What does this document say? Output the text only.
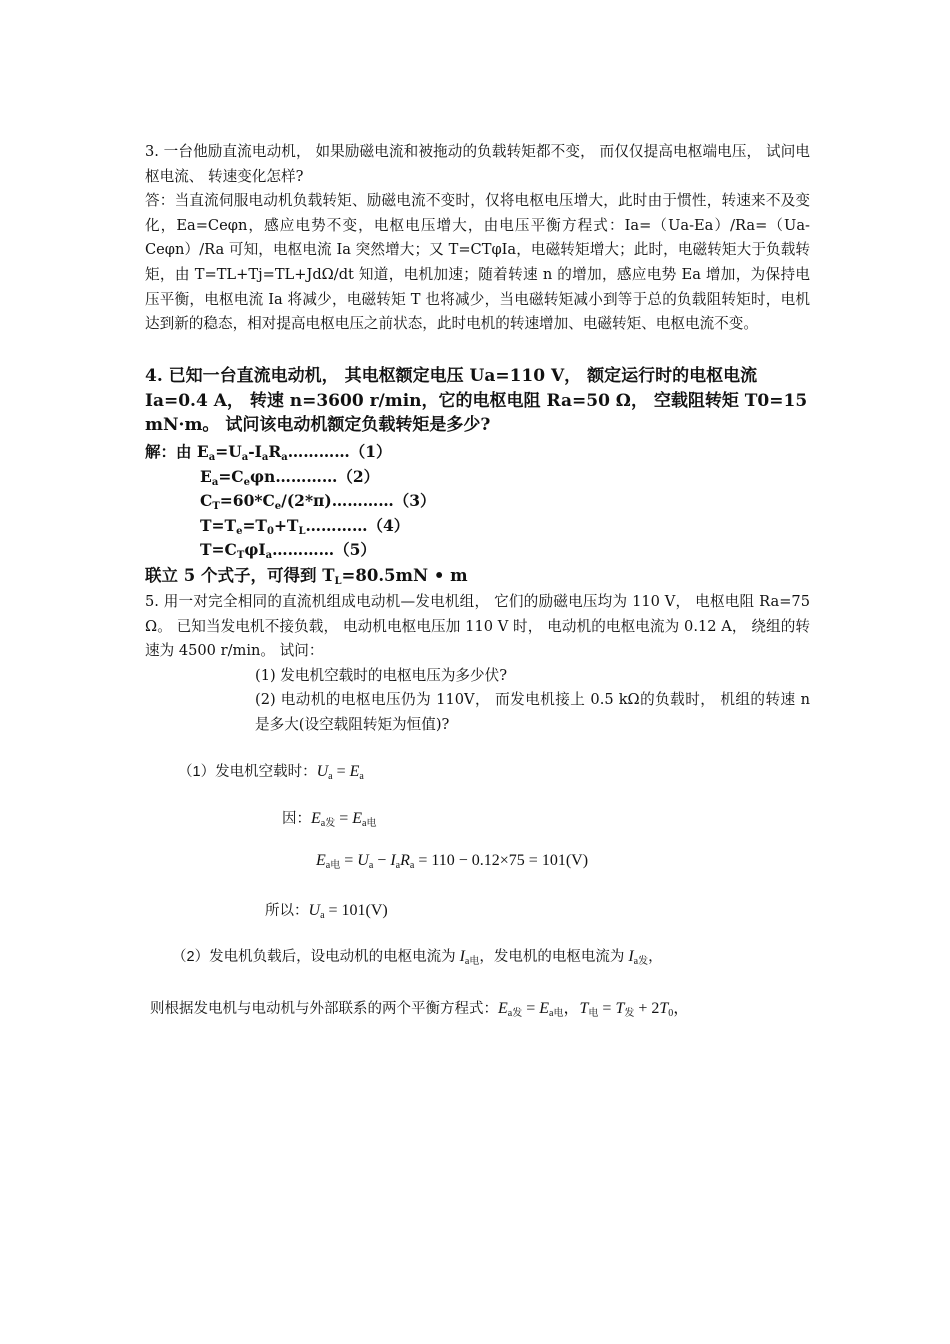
3. 一台他励直流电动机， 如果励磁电流和被拖动的负载转矩都不变， 而仅仅提高电枢端电压， 试问电枢电流、 转速变化怎样?
答：当直流伺服电动机负载转矩、励磁电流不变时，仅将电枢电压增大，此时由于惯性，转速来不及变化，Ea=Ceφn，感应电势不变，电枢电压增大，由电压平衡方程式：Ia=（Ua-Ea）/Ra=（Ua-Ceφn）/Ra 可知，电枢电流 Ia 突然增大；又 T=CTφIa，电磁转矩增大；此时，电磁转矩大于负载转矩，由 T=TL+Tj=TL+JdΩ/dt 知道，电机加速；随着转速 n 的增加，感应电势 Ea 增加，为保持电压平衡，电枢电流 Ia 将减少，电磁转矩 T 也将减少，当电磁转矩减小到等于总的负载阻转矩时，电机达到新的稳态，相对提高电枢电压之前状态，此时电机的转速增加、电磁转矩、电枢电流不变。
4. 已知一台直流电动机， 其电枢额定电压 Ua=110 V， 额定运行时的电枢电流 Ia=0.4 A， 转速 n=3600 r/min，它的电枢电阻 Ra=50 Ω， 空载阻转矩 T0=15 mN·m。 试问该电动机额定负载转矩是多少?
解：由 $E_a=U_a-I_aR_a\dots\dots\dots\dots(1)$
$E_a=C_e\varphi n\dots\dots\dots\dots(2)$
$C_T=60*C_e/(2*\pi)\dots\dots\dots\dots(3)$
$T=T_e=T_0+T_L\dots\dots\dots\dots(4)$
$T=C_T\varphi I_a\dots\dots\dots\dots(5)$
联立 5 个式子，可得到 $T_L=80.5mN$ • m
5. 用一对完全相同的直流机组成电动机—发电机组， 它们的励磁电压均为 110 V， 电枢电阻 Ra=75 Ω。 已知当发电机不接负载， 电动机电枢电压加 110 V 时， 电动机的电枢电流为 0.12 A， 绕组的转速为 4500 r/min。 试问：
(1) 发电机空载时的电枢电压为多少伏?
(2) 电动机的电枢电压仍为 110V， 而发电机接上 0.5 kΩ的负载时， 机组的转速 n 是多大(设空载阻转矩为恒值)?
（1）发电机空载时：$U_a = E_a$
因：$E_{a发} = E_{a电}$
$E_{a电} = U_a - I_aR_a = 110 - 0.12\times 75 = 101(V)$
所以：$U_a = 101(V)$
（2）发电机负载后，设电动机的电枢电流为 $I_{a电}$，发电机的电枢电流为 $I_{a发}$，
则根据发电机与电动机与外部联系的两个平衡方程式：$E_{a发} = E_{a电}$，$T_电 = T_发 + 2T_0$，
